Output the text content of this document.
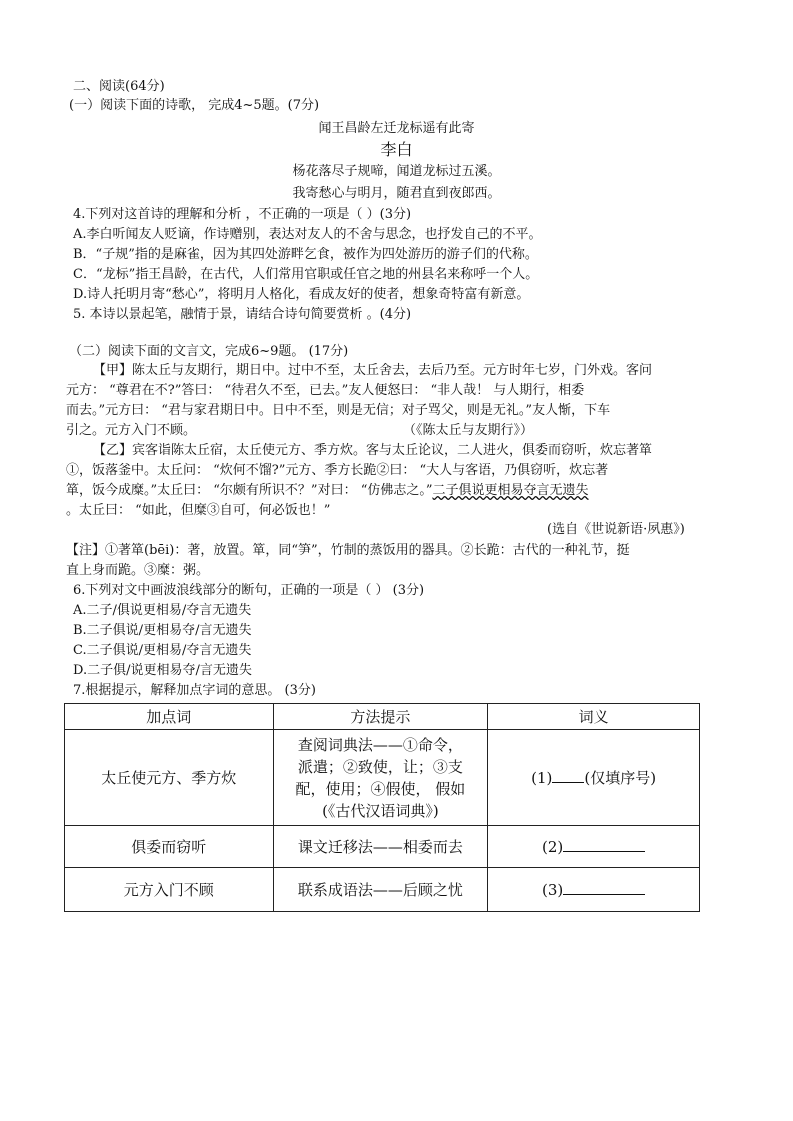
二、阅读(64分)
(一）阅读下面的诗歌， 完成4~5题。(7分)
闻王昌龄左迁龙标遥有此寄
李白
杨花落尽子规啼，闻道龙标过五溪。
我寄愁心与明月，随君直到夜郎西。
4.下列对这首诗的理解和分析 ，不正确的一项是（ ）(3分)
A.李白听闻友人贬谪，作诗赠别，表达对友人的不舍与思念，也抒发自己的不平。
B．“子规”指的是麻雀，因为其四处游畔乞食，被作为四处游历的游子们的代称。
C．“龙标”指王昌龄，在古代，人们常用官职或任官之地的州县名来称呼一个人。
D.诗人托明月寄“愁心”，将明月人格化，看成友好的使者，想象奇特富有新意。
5. 本诗以景起笔，融情于景，请结合诗句简要赏析 。(4分)
（二）阅读下面的文言文，完成6~9题。 (17分)
【甲】陈太丘与友期行，期日中。过中不至，太丘舍去，去后乃至。元方时年七岁，门外戏。客问
元方： “尊君在不?”答曰： “待君久不至，已去。”友人便怒曰： “非人哉！ 与人期行，相委
而去。”元方曰： “君与家君期日中。日中不至，则是无信；对子骂父，则是无礼。”友人惭，下车
引之。元方入门不顾。	（《陈太丘与友期行》）
【乙】宾客诣陈太丘宿，太丘使元方、季方炊。客与太丘论议，二人进火，俱委而窃听，炊忘著箪
①，饭落釜中。太丘问： “炊何不馏?”元方、季方长跪②曰： “大人与客语，乃俱窃听，炊忘著
箪，饭今成糜。”太丘曰： “尔颇有所识不？”对曰： “仿佛志之。”二子俱说更相易夺言无遗失
。太丘曰： “如此，但糜③自可，何必饭也！”
(选自《世说新语·夙惠》)
【注】①著箪(bēi)：著，放置。箪，同“笋”，竹制的蒸饭用的器具。②长跪：古代的一种礼节，挺
直上身而跪。③糜：粥。
6.下列对文中画波浪线部分的断句，正确的一项是（ ） (3分)
A.二子/俱说更相易/夺言无遗失
B.二子俱说/更相易夺/言无遗失
C.二子俱说/更相易/夺言无遗失
D.二子俱/说更相易夺/言无遗失
7.根据提示，解释加点字词的意思。 (3分)
加点词	方法提示	词义
太丘使元方、季方炊	查阅词典法——①命令，
派遣；②致使，让；③支
配，使用；④假使， 假如
(《古代汉语词典》)	(1) (仅填序号)
俱委而窃听	课文迁移法——相委而去	(2)
元方入门不顾	联系成语法——后顾之忧	(3)
